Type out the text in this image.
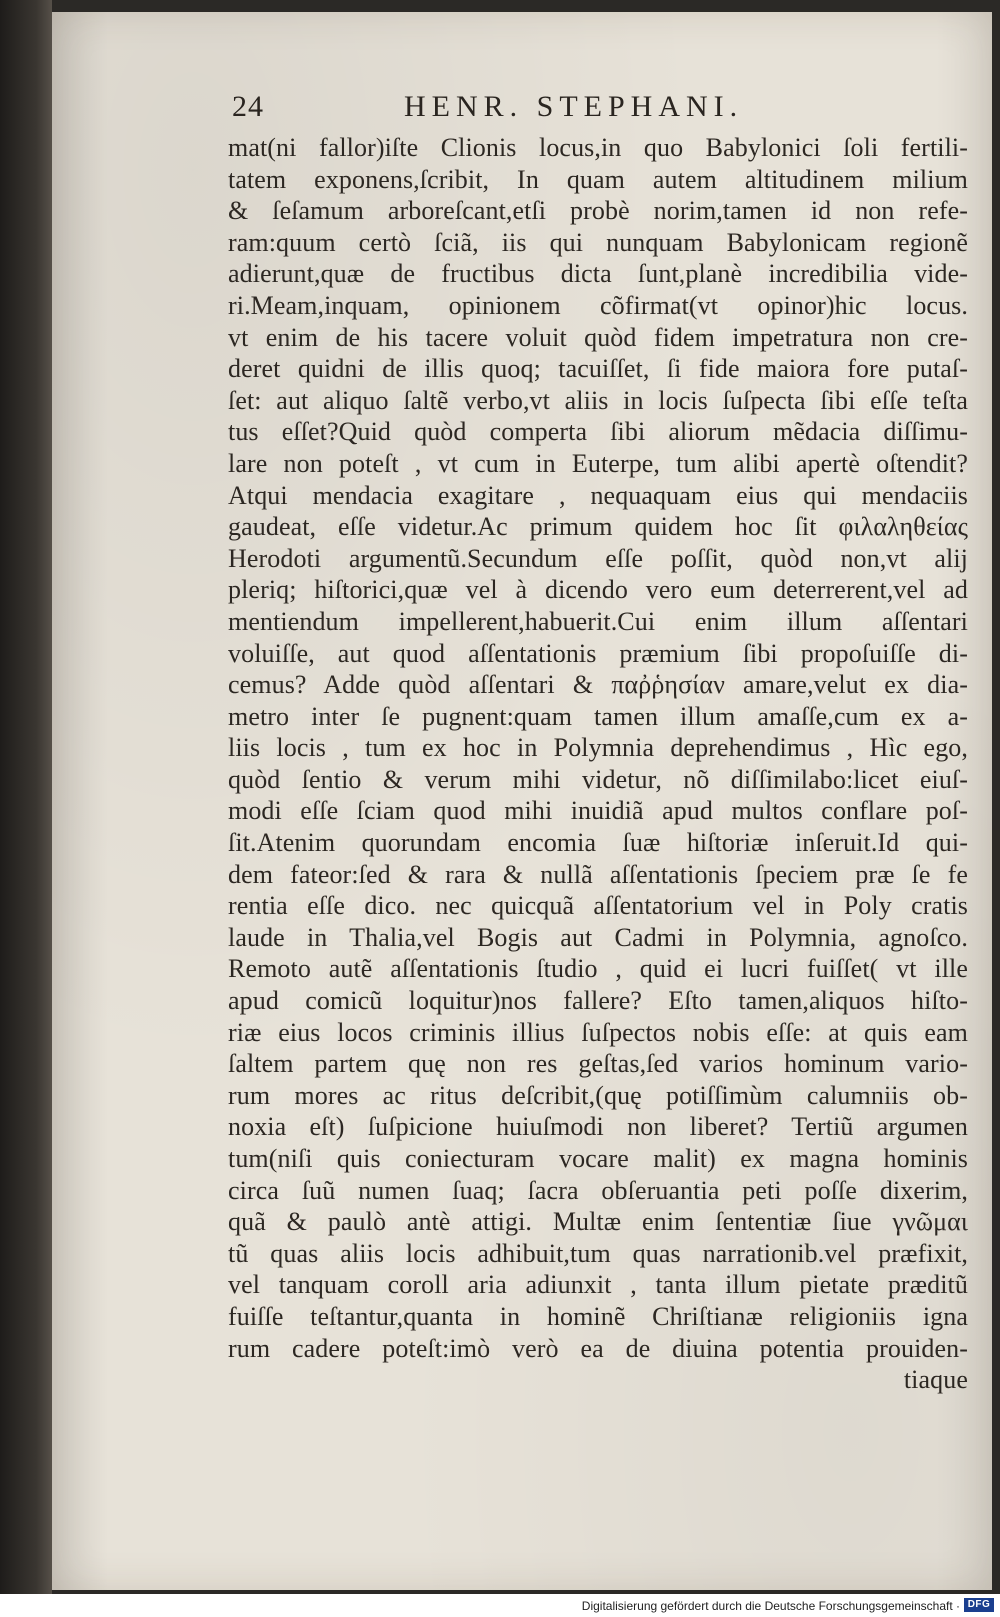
24	HENR. STEPHANI.
mat(ni fallor)iſte Clionis locus,in quo Babylonici ſoli fertili-
tatem exponens,ſcribit, In quam autem altitudinem milium
& ſeſamum arboreſcant,etſi probè norim,tamen id non refe-
ram:quum certò ſciã, iis qui nunquam Babylonicam regionẽ
adierunt,quæ de fructibus dicta ſunt,planè incredibilia vide-
ri.Meam,inquam, opinionem cõfirmat(vt opinor)hic locus.
vt enim de his tacere voluit quòd fidem impetratura non cre-
deret quidni de illis quoq; tacuiſſet, ſi fide maiora fore putaſ-
ſet: aut aliquo ſaltẽ verbo,vt aliis in locis ſuſpecta ſibi eſſe teſta
tus eſſet?Quid quòd comperta ſibi aliorum mẽdacia diſſimu-
lare non poteſt , vt cum in Euterpe, tum alibi apertè oſtendit?
Atqui mendacia exagitare , nequaquam eius qui mendaciis
gaudeat, eſſe videtur.Ac primum quidem hoc ſit φιλαληθείας
Herodoti argumentũ.Secundum eſſe poſſit, quòd non,vt alij
pleriq; hiſtorici,quæ vel à dicendo vero eum deterrerent,vel ad
mentiendum impellerent,habuerit.Cui enim illum aſſentari
voluiſſe, aut quod aſſentationis præmium ſibi propoſuiſſe di-
cemus? Adde quòd aſſentari & παῤῥησίαν amare,velut ex dia-
metro inter ſe pugnent:quam tamen illum amaſſe,cum ex a-
liis locis , tum ex hoc in Polymnia deprehendimus , Hìc ego,
quòd ſentio & verum mihi videtur, nõ diſſimilabo:licet eiuſ-
modi eſſe ſciam quod mihi inuidiã apud multos conflare poſ-
ſit.Atenim quorundam encomia ſuæ hiſtoriæ inſeruit.Id qui-
dem fateor:ſed & rara & nullã aſſentationis ſpeciem præ ſe fe
rentia eſſe dico. nec quicquã aſſentatorium vel in Poly cratis
laude in Thalia,vel Bogis aut Cadmi in Polymnia, agnoſco.
Remoto autẽ aſſentationis ſtudio , quid ei lucri fuiſſet( vt ille
apud comicũ loquitur)nos fallere? Eſto tamen,aliquos hiſto-
riæ eius locos criminis illius ſuſpectos nobis eſſe: at quis eam
ſaltem partem quę non res geſtas,ſed varios hominum vario-
rum mores ac ritus deſcribit,(quę potiſſimùm calumniis ob-
noxia eſt) ſuſpicione huiuſmodi non liberet? Tertiũ argumen
tum(niſi quis coniecturam vocare malit) ex magna hominis
circa ſuũ numen ſuaq; ſacra obſeruantia peti poſſe dixerim,
quã & paulò antè attigi. Multæ enim ſententiæ ſiue γνῶμαι
tũ quas aliis locis adhibuit,tum quas narrationib.vel præfixit,
vel tanquam coroll aria adiunxit , tanta illum pietate præditũ
fuiſſe teſtantur,quanta in hominẽ Chriſtianæ religioniis igna
rum cadere poteſt:imò verò ea de diuina potentia prouiden-
tiaque
Digitalisierung gefördert durch die Deutsche Forschungsgemeinschaft · DFG
